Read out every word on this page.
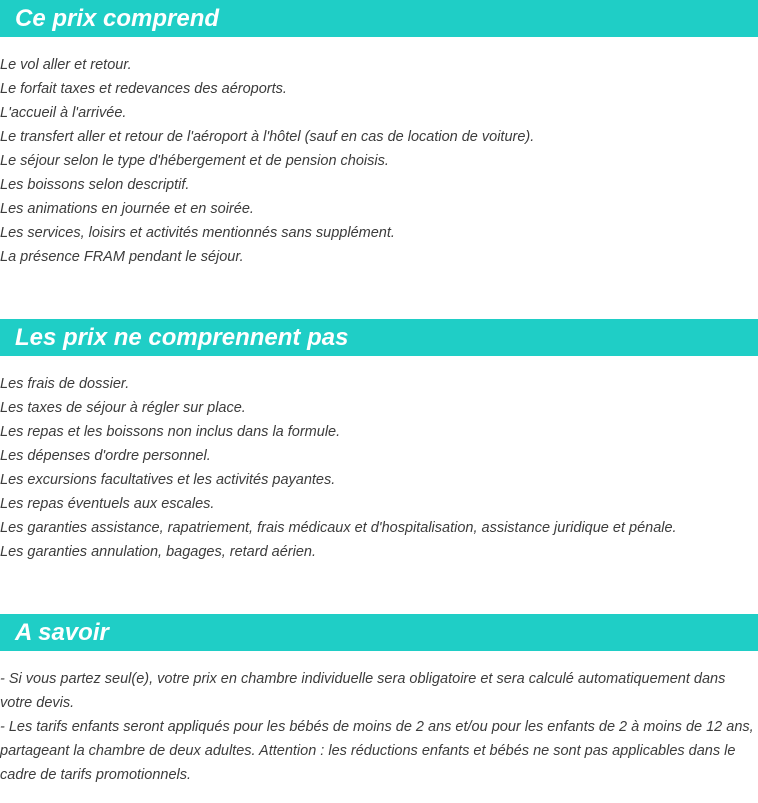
Ce prix comprend
Le vol aller et retour.
Le forfait taxes et redevances des aéroports.
L'accueil à l'arrivée.
Le transfert aller et retour de l'aéroport à l'hôtel (sauf en cas de location de voiture).
Le séjour selon le type d'hébergement et de pension choisis.
Les boissons selon descriptif.
Les animations en journée et en soirée.
Les services, loisirs et activités mentionnés sans supplément.
La présence FRAM pendant le séjour.
Les prix ne comprennent pas
Les frais de dossier.
Les taxes de séjour à régler sur place.
Les repas et les boissons non inclus dans la formule.
Les dépenses d'ordre personnel.
Les excursions facultatives et les activités payantes.
Les repas éventuels aux escales.
Les garanties assistance, rapatriement, frais médicaux et d'hospitalisation, assistance juridique et pénale.
Les garanties annulation, bagages, retard aérien.
A savoir
- Si vous partez seul(e), votre prix en chambre individuelle sera obligatoire et sera calculé automatiquement dans votre devis.
- Les tarifs enfants seront appliqués pour les bébés de moins de 2 ans et/ou pour les enfants de 2 à moins de 12 ans, partageant la chambre de deux adultes. Attention : les réductions enfants et bébés ne sont pas applicables dans le cadre de tarifs promotionnels.
